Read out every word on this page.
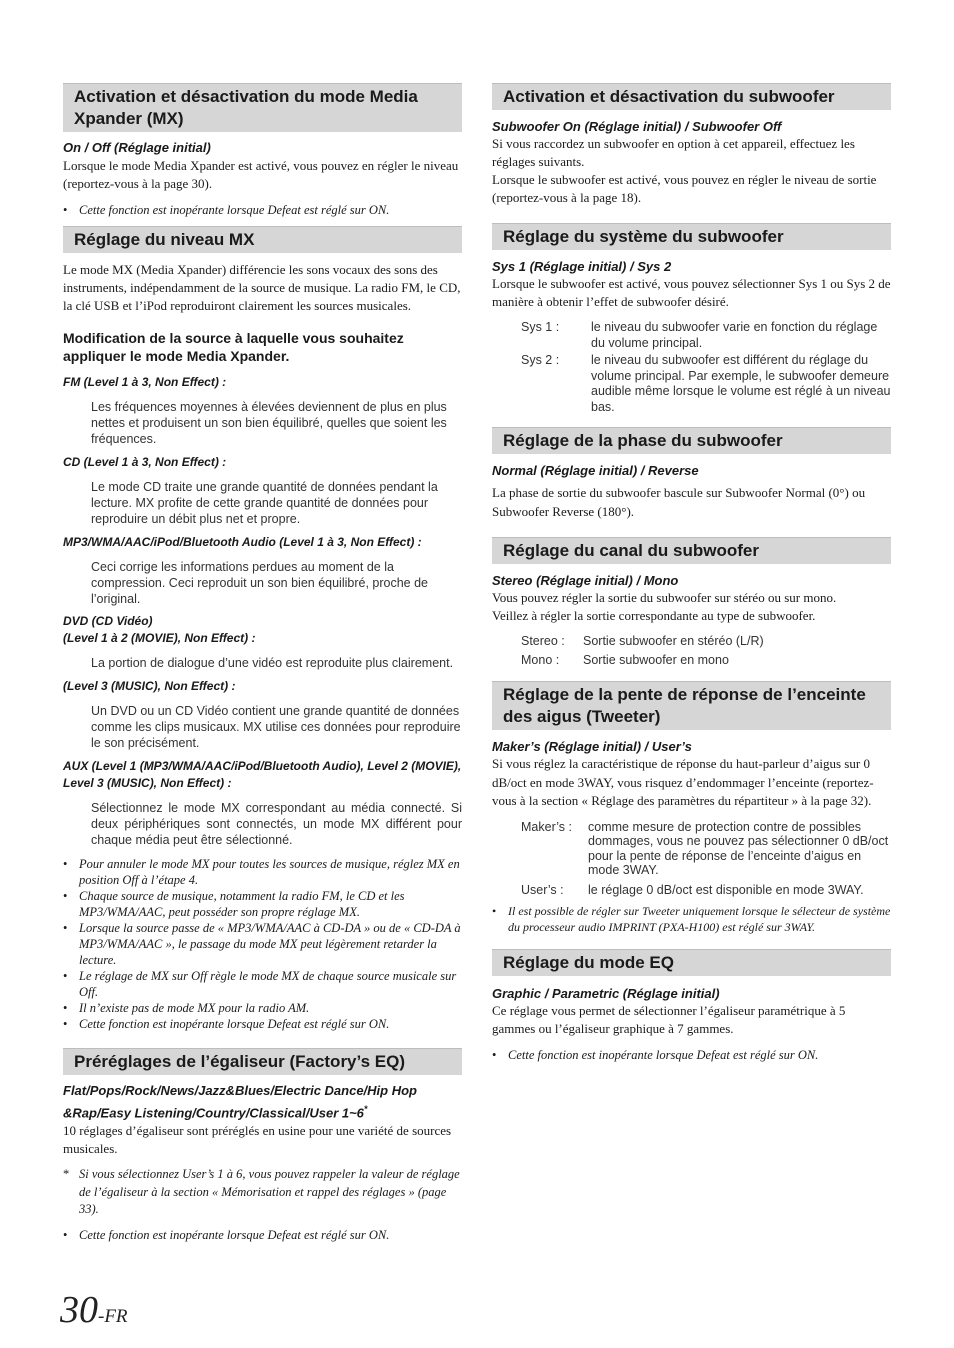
Activation et désactivation du mode Media Xpander (MX)
On / Off (Réglage initial)
Lorsque le mode Media Xpander est activé, vous pouvez en régler le niveau (reportez-vous à la page 30).
• Cette fonction est inopérante lorsque Defeat est réglé sur ON.
Réglage du niveau MX
Le mode MX (Media Xpander) différencie les sons vocaux des sons des instruments, indépendamment de la source de musique. La radio FM, le CD, la clé USB et l’iPod reproduiront clairement les sources musicales.
Modification de la source à laquelle vous souhaitez appliquer le mode Media Xpander.
FM (Level 1 à 3, Non Effect) :
Les fréquences moyennes à élevées deviennent de plus en plus nettes et produisent un son bien équilibré, quelles que soient les fréquences.
CD (Level 1 à 3, Non Effect) :
Le mode CD traite une grande quantité de données pendant la lecture. MX profite de cette grande quantité de données pour reproduire un débit plus net et propre.
MP3/WMA/AAC/iPod/Bluetooth Audio (Level 1 à 3, Non Effect) :
Ceci corrige les informations perdues au moment de la compression. Ceci reproduit un son bien équilibré, proche de l’original.
DVD (CD Vidéo)
(Level 1 à 2 (MOVIE), Non Effect) :
La portion de dialogue d’une vidéo est reproduite plus clairement.
(Level 3 (MUSIC), Non Effect) :
Un DVD ou un CD Vidéo contient une grande quantité de données comme les clips musicaux. MX utilise ces données pour reproduire le son précisément.
AUX (Level 1 (MP3/WMA/AAC/iPod/Bluetooth Audio), Level 2 (MOVIE), Level 3 (MUSIC), Non Effect) :
Sélectionnez le mode MX correspondant au média connecté. Si deux périphériques sont connectés, un mode MX différent pour chaque média peut être sélectionné.
• Pour annuler le mode MX pour toutes les sources de musique, réglez MX en position Off à l’étape 4.
• Chaque source de musique, notamment la radio FM, le CD et les MP3/WMA/AAC, peut posséder son propre réglage MX.
• Lorsque la source passe de « MP3/WMA/AAC à CD-DA » ou de « CD-DA à MP3/WMA/AAC », le passage du mode MX peut légèrement retarder la lecture.
• Le réglage de MX sur Off règle le mode MX de chaque source musicale sur Off.
• Il n’existe pas de mode MX pour la radio AM.
• Cette fonction est inopérante lorsque Defeat est réglé sur ON.
Préréglages de l’égaliseur (Factory’s EQ)
Flat/Pops/Rock/News/Jazz&Blues/Electric Dance/Hip Hop &Rap/Easy Listening/Country/Classical/User 1~6*
10 réglages d’égaliseur sont préréglés en usine pour une variété de sources musicales.
* Si vous sélectionnez User’s 1 à 6, vous pouvez rappeler la valeur de réglage de l’égaliseur à la section « Mémorisation et rappel des réglages » (page 33).
• Cette fonction est inopérante lorsque Defeat est réglé sur ON.
Activation et désactivation du subwoofer
Subwoofer On (Réglage initial) / Subwoofer Off
Si vous raccordez un subwoofer en option à cet appareil, effectuez les réglages suivants.
Lorsque le subwoofer est activé, vous pouvez en régler le niveau de sortie (reportez-vous à la page 18).
Réglage du système du subwoofer
Sys 1 (Réglage initial) / Sys 2
Lorsque le subwoofer est activé, vous pouvez sélectionner Sys 1 ou Sys 2 de manière à obtenir l’effet de subwoofer désiré.
Sys 1 :	le niveau du subwoofer varie en fonction du réglage du volume principal.
Sys 2 :	le niveau du subwoofer est différent du réglage du volume principal. Par exemple, le subwoofer demeure audible même lorsque le volume est réglé à un niveau bas.
Réglage de la phase du subwoofer
Normal (Réglage initial) / Reverse
La phase de sortie du subwoofer bascule sur Subwoofer Normal (0°) ou Subwoofer Reverse (180°).
Réglage du canal du subwoofer
Stereo (Réglage initial) / Mono
Vous pouvez régler la sortie du subwoofer sur stéréo ou sur mono.
Veillez à régler la sortie correspondante au type de subwoofer.
Stereo :	Sortie subwoofer en stéréo (L/R)
Mono :	Sortie subwoofer en mono
Réglage de la pente de réponse de l’enceinte des aigus (Tweeter)
Maker’s (Réglage initial) / User’s
Si vous réglez la caractéristique de réponse du haut-parleur d’aigus sur 0 dB/oct en mode 3WAY, vous risquez d’endommager l’enceinte (reportez-vous à la section « Réglage des paramètres du répartiteur » à la page 32).
Maker’s :	comme mesure de protection contre de possibles dommages, vous ne pouvez pas sélectionner 0 dB/oct pour la pente de réponse de l’enceinte d’aigus en mode 3WAY.
User’s :	le réglage 0 dB/oct est disponible en mode 3WAY.
• Il est possible de régler sur Tweeter uniquement lorsque le sélecteur de système du processeur audio IMPRINT (PXA-H100) est réglé sur 3WAY.
Réglage du mode EQ
Graphic / Parametric (Réglage initial)
Ce réglage vous permet de sélectionner l’égaliseur paramétrique à 5 gammes ou l’égaliseur graphique à 7 gammes.
• Cette fonction est inopérante lorsque Defeat est réglé sur ON.
30-FR
